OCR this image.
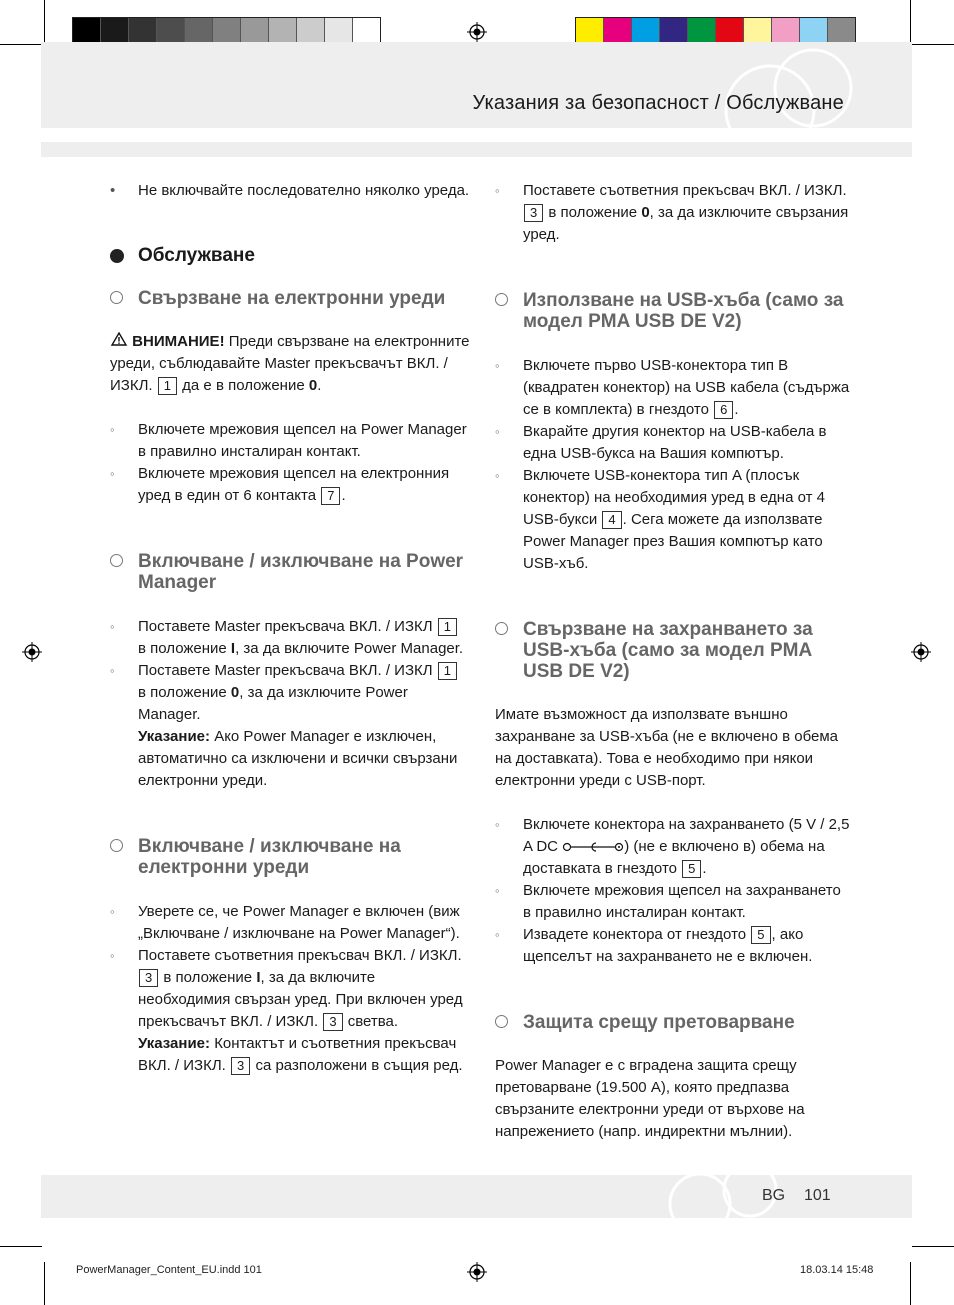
Указания за безопасност / Обслужване
• Не включвайте последователно няколко уреда.
Обслужване
Свързване на електронни уреди

ВНИМАНИЕ! Преди свързване на електронните уреди, съблюдавайте Master прекъсвачът ВКЛ. / ИЗКЛ. 1 да е в положение 0.

◦ Включете мрежовия щепсел на Power Manager в правилно инсталиран контакт.
◦ Включете мрежовия щепсел на електронния уред в един от 6 контакта 7 .
Включване / изключване на Power Manager
◦ Поставете Master прекъсвача ВКЛ. / ИЗКЛ 1 в положение I, за да включите Power Manager.
◦ Поставете Master прекъсвача ВКЛ. / ИЗКЛ 1 в положение 0, за да изключите Power Manager.
Указание: Ако Power Manager е изключен, автоматично са изключени и всички свързани електронни уреди.
Включване / изключване на електронни уреди
◦ Уверете се, че Power Manager е включен (виж „Включване / изключване на Power Manager“).
◦ Поставете съответния прекъсвач ВКЛ. / ИЗКЛ. 3 в положение I, за да включите необходимия свързан уред. При включен уред прекъсвачът ВКЛ. / ИЗКЛ. 3 светва.
Указание: Контактът и съответния прекъсвач ВКЛ. / ИЗКЛ. 3 са разположени в същия ред.
◦ Поставете съответния прекъсвач ВКЛ. / ИЗКЛ. 3 в положение 0, за да изключите свързания уред.
Използване на USB-хъба (само за модел PMA USB DE V2)
◦ Включете първо USB-конектора тип B (квадратен конектор) на USB кабела (съдържа се в комплекта) в гнездото 6 .
◦ Вкарайте другия конектор на USB-кабела в една USB-букса на Вашия компютър.
◦ Включете USB-конектора тип A (плосък конектор) на необходимия уред в една от 4 USB-букси 4 . Сега можете да използвате Power Manager през Вашия компютър като USB-хъб.
Свързване на захранването за USB-хъба (само за модел PMA USB DE V2)

Имате възможност да използвате външно захранване за USB-хъба (не е включено в обема на доставката). Това е необходимо при някои електронни уреди с USB-порт.

◦ Включете конектора на захранването (5 V / 2,5 A DC	) (не е включено в) обема на доставката в гнездото 5 .
◦ Включете мрежовия щепсел на захранването в правилно инсталиран контакт.
◦ Извадете конектора от гнездото 5 , ако щепселът на захранването не е включен.
Защита срещу претоварване

Power Manager е с вградена защита срещу претоварване (19.500 A), която предпазва свързаните електронни уреди от върхове на напрежението (напр. индиректни мълнии).

BG 101
PowerManager_Content_EU.indd 101	18.03.14 15:48
